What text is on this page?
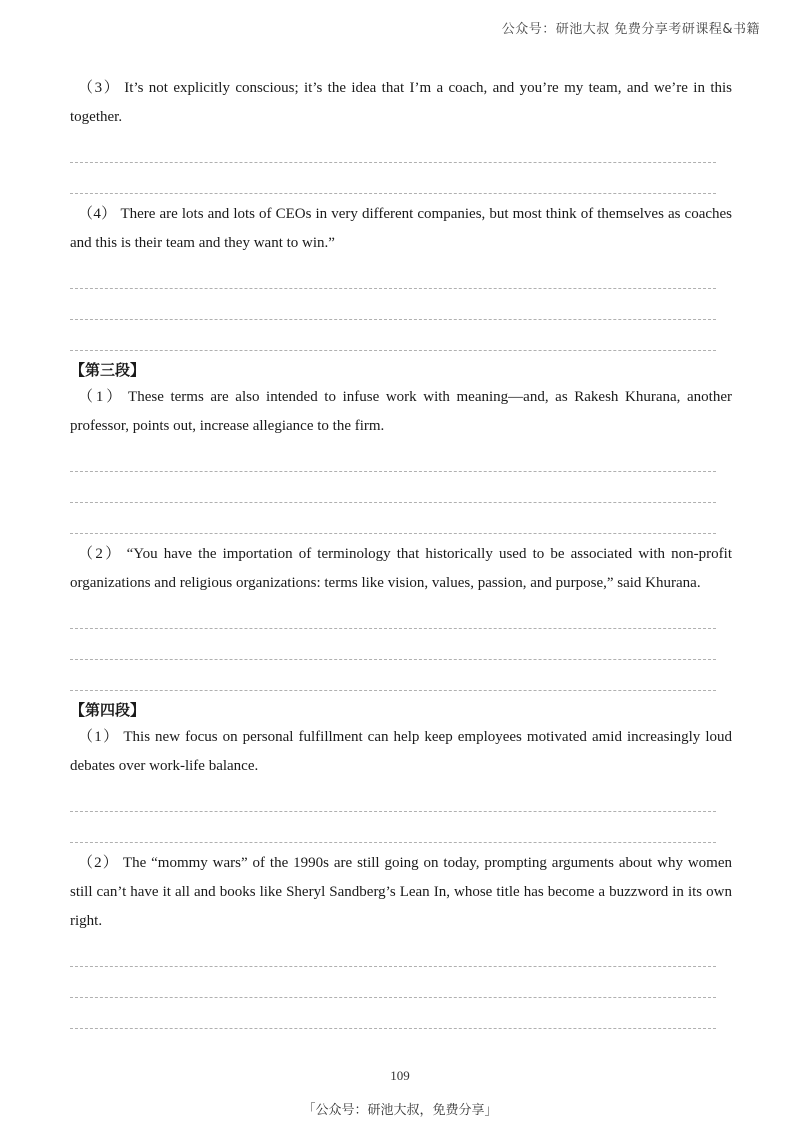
公众号：研池大叔 免费分享考研课程&书籍

（3） It’s not explicitly conscious; it’s the idea that I’m a coach, and you’re my team, and we’re in this together.

（4） There are lots and lots of CEOs in very different companies, but most think of themselves as coaches and this is their team and they want to win.”

【第三段】

（1） These terms are also intended to infuse work with meaning—and, as Rakesh Khurana, another professor, points out, increase allegiance to the firm.

（2） “You have the importation of terminology that historically used to be associated with non-profit organizations and religious organizations: terms like vision, values, passion, and purpose,” said Khurana.

【第四段】

（1） This new focus on personal fulfillment can help keep employees motivated amid increasingly loud debates over work-life balance.

（2） The “mommy wars” of the 1990s are still going on today, prompting arguments about why women still can’t have it all and books like Sheryl Sandberg’s Lean In, whose title has become a buzzword in its own right.

109
「公众号：研池大叔，免费分享」
